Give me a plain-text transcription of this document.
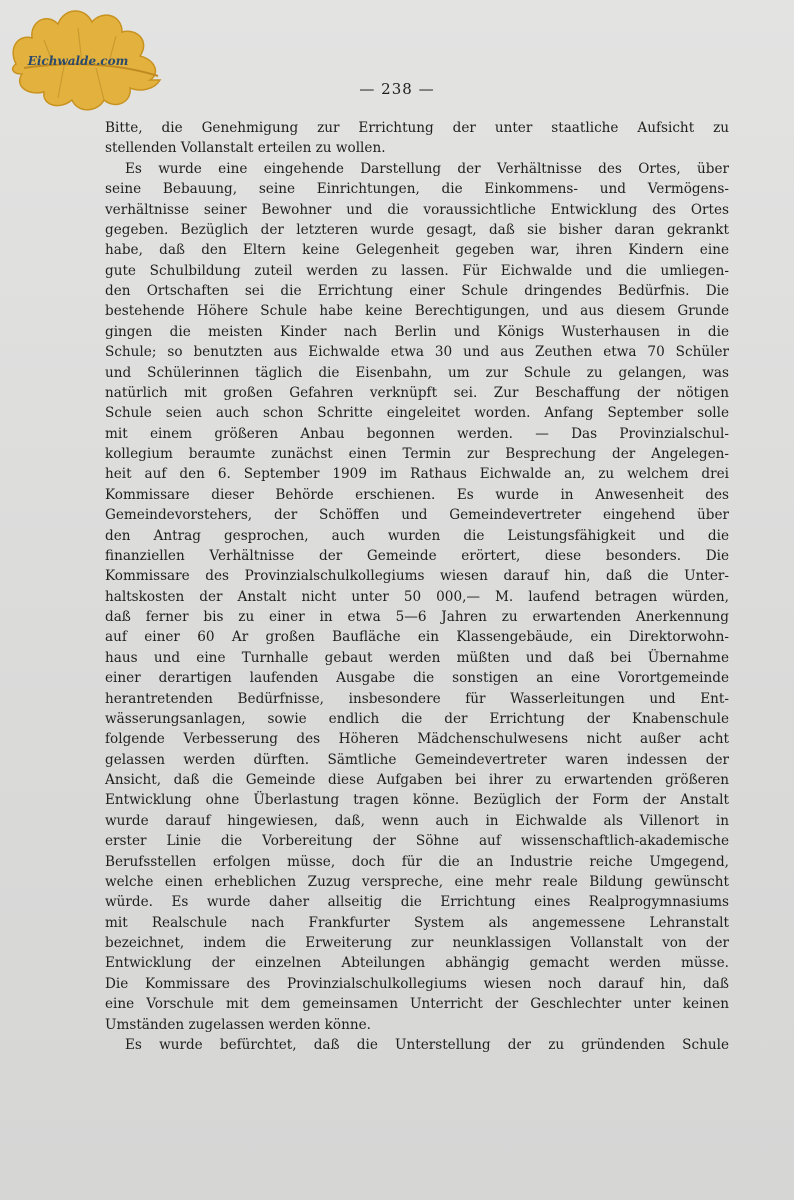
Eichwalde.com
— 238 —
Bitte, die Genehmigung zur Errichtung der unter staatliche Aufsicht zu
stellenden Vollanstalt erteilen zu wollen.
Es wurde eine eingehende Darstellung der Verhältnisse des Ortes, über
seine Bebauung, seine Einrichtungen, die Einkommens- und Vermögens-
verhältnisse seiner Bewohner und die voraussichtliche Entwicklung des Ortes
gegeben. Bezüglich der letzteren wurde gesagt, daß sie bisher daran gekrankt
habe, daß den Eltern keine Gelegenheit gegeben war, ihren Kindern eine
gute Schulbildung zuteil werden zu lassen. Für Eichwalde und die umliegen-
den Ortschaften sei die Errichtung einer Schule dringendes Bedürfnis. Die
bestehende Höhere Schule habe keine Berechtigungen, und aus diesem Grunde
gingen die meisten Kinder nach Berlin und Königs Wusterhausen in die
Schule; so benutzten aus Eichwalde etwa 30 und aus Zeuthen etwa 70 Schüler
und Schülerinnen täglich die Eisenbahn, um zur Schule zu gelangen, was
natürlich mit großen Gefahren verknüpft sei. Zur Beschaffung der nötigen
Schule seien auch schon Schritte eingeleitet worden. Anfang September solle
mit einem größeren Anbau begonnen werden. — Das Provinzialschul-
kollegium beraumte zunächst einen Termin zur Besprechung der Angelegen-
heit auf den 6. September 1909 im Rathaus Eichwalde an, zu welchem drei
Kommissare dieser Behörde erschienen. Es wurde in Anwesenheit des
Gemeindevorstehers, der Schöffen und Gemeindevertreter eingehend über
den Antrag gesprochen, auch wurden die Leistungsfähigkeit und die
finanziellen Verhältnisse der Gemeinde erörtert, diese besonders. Die
Kommissare des Provinzialschulkollegiums wiesen darauf hin, daß die Unter-
haltskosten der Anstalt nicht unter 50 000,— M. laufend betragen würden,
daß ferner bis zu einer in etwa 5—6 Jahren zu erwartenden Anerkennung
auf einer 60 Ar großen Baufläche ein Klassengebäude, ein Direktorwohn-
haus und eine Turnhalle gebaut werden müßten und daß bei Übernahme
einer derartigen laufenden Ausgabe die sonstigen an eine Vorortgemeinde
herantretenden Bedürfnisse, insbesondere für Wasserleitungen und Ent-
wässerungsanlagen, sowie endlich die der Errichtung der Knabenschule
folgende Verbesserung des Höheren Mädchenschulwesens nicht außer acht
gelassen werden dürften. Sämtliche Gemeindevertreter waren indessen der
Ansicht, daß die Gemeinde diese Aufgaben bei ihrer zu erwartenden größeren
Entwicklung ohne Überlastung tragen könne. Bezüglich der Form der Anstalt
wurde darauf hingewiesen, daß, wenn auch in Eichwalde als Villenort in
erster Linie die Vorbereitung der Söhne auf wissenschaftlich-akademische
Berufsstellen erfolgen müsse, doch für die an Industrie reiche Umgegend,
welche einen erheblichen Zuzug verspreche, eine mehr reale Bildung gewünscht
würde. Es wurde daher allseitig die Errichtung eines Realprogymnasiums
mit Realschule nach Frankfurter System als angemessene Lehranstalt
bezeichnet, indem die Erweiterung zur neunklassigen Vollanstalt von der
Entwicklung der einzelnen Abteilungen abhängig gemacht werden müsse.
Die Kommissare des Provinzialschulkollegiums wiesen noch darauf hin, daß
eine Vorschule mit dem gemeinsamen Unterricht der Geschlechter unter keinen
Umständen zugelassen werden könne.
Es wurde befürchtet, daß die Unterstellung der zu gründenden Schule
